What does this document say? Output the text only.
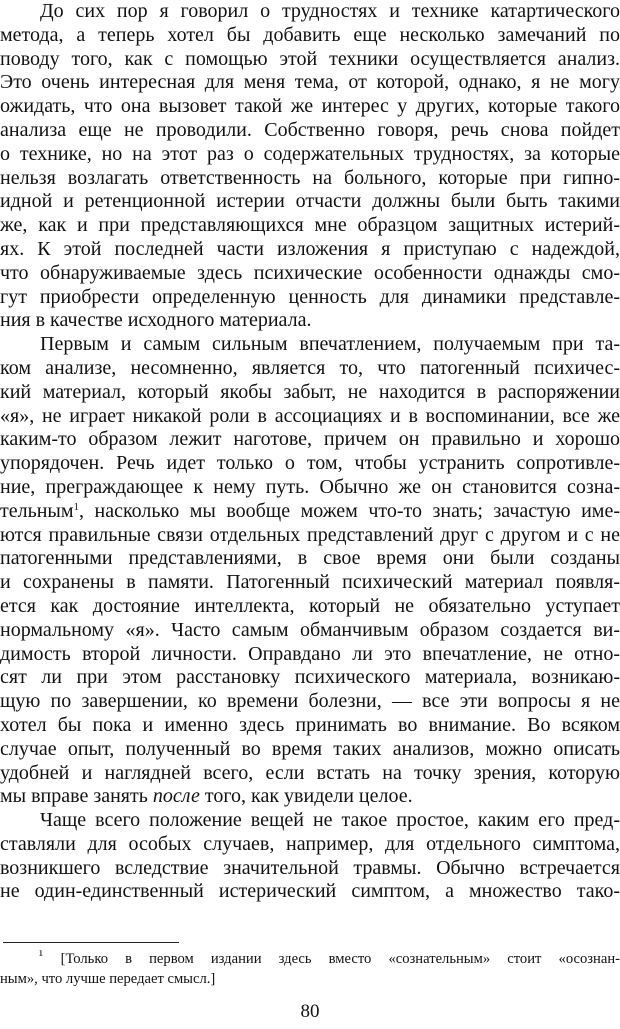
До сих пор я говорил о трудностях и технике катартического
метода, а теперь хотел бы добавить еще несколько замечаний по
поводу того, как с помощью этой техники осуществляется анализ.
Это очень интересная для меня тема, от которой, однако, я не могу
ожидать, что она вызовет такой же интерес у других, которые такого
анализа еще не проводили. Собственно говоря, речь снова пойдет
о технике, но на этот раз о содержательных трудностях, за которые
нельзя возлагать ответственность на больного, которые при гипно-
идной и ретенционной истерии отчасти должны были быть такими
же, как и при представляющихся мне образцом защитных истерий-
ях. К этой последней части изложения я приступаю с надеждой,
что обнаруживаемые здесь психические особенности однажды смо-
гут приобрести определенную ценность для динамики представле-
ния в качестве исходного материала.
Первым и самым сильным впечатлением, получаемым при та-
ком анализе, несомненно, является то, что патогенный психичес-
кий материал, который якобы забыт, не находится в распоряжении
«я», не играет никакой роли в ассоциациях и в воспоминании, все же
каким-то образом лежит наготове, причем он правильно и хорошо
упорядочен. Речь идет только о том, чтобы устранить сопротивле-
ние, преграждающее к нему путь. Обычно же он становится созна-
тельным$^1$, насколько мы вообще можем что-то знать; зачастую име-
ются правильные связи отдельных представлений друг с другом и с не
патогенными представлениями, в свое время они были созданы
и сохранены в памяти. Патогенный психический материал появля-
ется как достояние интеллекта, который не обязательно уступает
нормальному «я». Часто самым обманчивым образом создается ви-
димость второй личности. Оправдано ли это впечатление, не отно-
сят ли при этом расстановку психического материала, возникаю-
щую по завершении, ко времени болезни, — все эти вопросы я не
хотел бы пока и именно здесь принимать во внимание. Во всяком
случае опыт, полученный во время таких анализов, можно описать
удобней и наглядней всего, если встать на точку зрения, которую
мы вправе занять после того, как увидели целое.
Чаще всего положение вещей не такое простое, каким его пред-
ставляли для особых случаев, например, для отдельного симптома,
возникшего вследствие значительной травмы. Обычно встречается
не один-единственный истерический симптом, а множество тако-
$^1$ [Только в первом издании здесь вместо «сознательным» стоит «осознан-
ным», что лучше передает смысл.]
80
